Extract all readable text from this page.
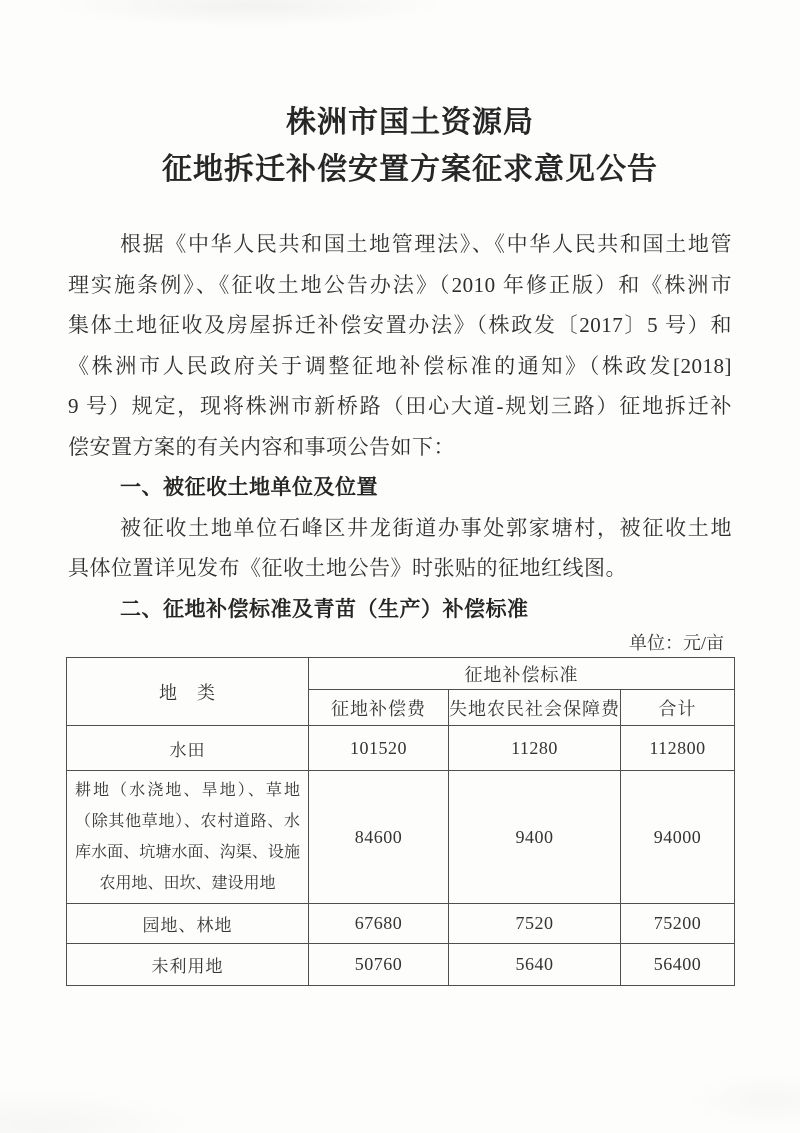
株洲市国土资源局
征地拆迁补偿安置方案征求意见公告
根据《中华人民共和国土地管理法》、《中华人民共和国土地管
理实施条例》、《征收土地公告办法》（2010 年修正版）和《株洲市
集体土地征收及房屋拆迁补偿安置办法》（株政发〔2017〕5 号）和
《株洲市人民政府关于调整征地补偿标准的通知》（株政发[2018]
9 号）规定，现将株洲市新桥路（田心大道-规划三路）征地拆迁补
偿安置方案的有关内容和事项公告如下：
一、被征收土地单位及位置
被征收土地单位石峰区井龙街道办事处郭家塘村，被征收土地
具体位置详见发布《征收土地公告》时张贴的征地红线图。
二、征地补偿标准及青苗（生产）补偿标准
单位：元/亩
地　类	征地补偿标准		
	征地补偿费	失地农民社会保障费	合计
水田	101520	11280	112800
耕地（水浇地、旱地）、草地（除其他草地）、农村道路、水库水面、坑塘水面、沟渠、设施农用地、田坎、建设用地	84600	9400	94000
园地、林地	67680	7520	75200
未利用地	50760	5640	56400
